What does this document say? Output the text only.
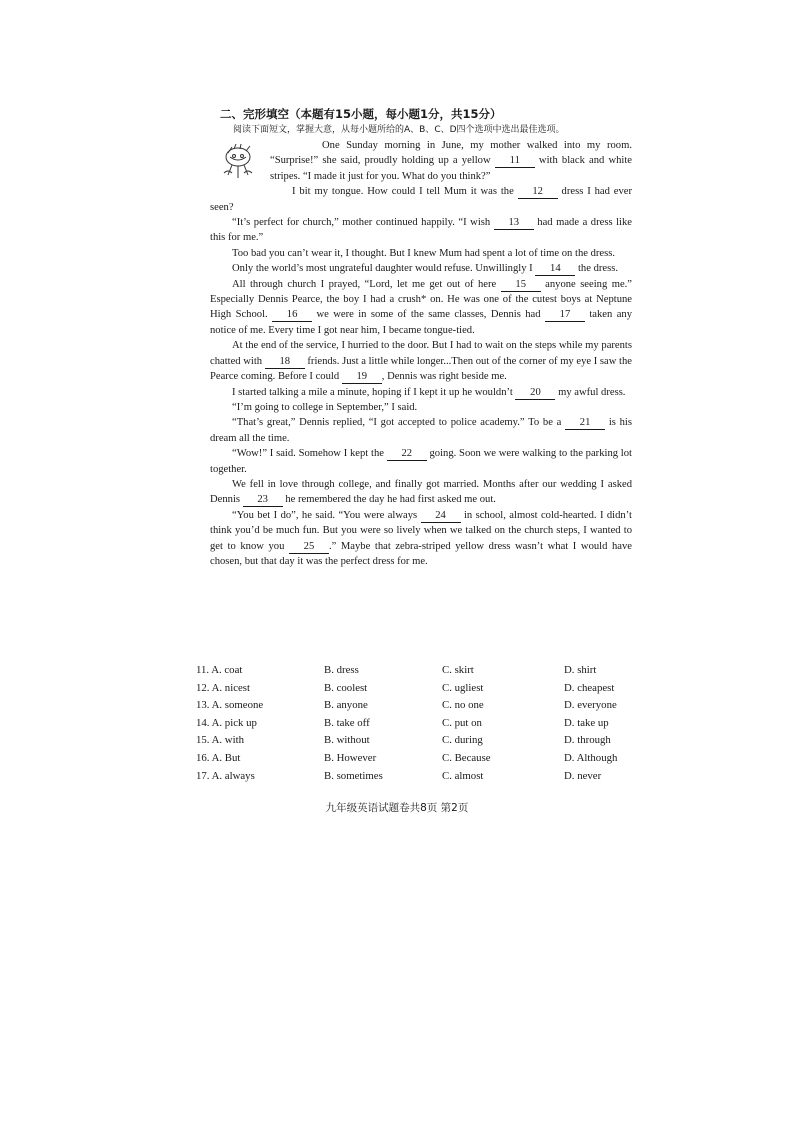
二、完形填空（本题有15小题，每小题1分，共15分）
阅读下面短文，掌握大意，从每小题所给的A、B、C、D四个选项中选出最佳选项。

One Sunday morning in June, my mother walked into my room. “Surprise!” she said, proudly holding up a yellow 11 with black and white stripes. “I made it just for you. What do you think?”

I bit my tongue. How could I tell Mum it was the 12 dress I had ever seen?

“It’s perfect for church,” mother continued happily. “I wish 13 had made a dress like this for me.”

Too bad you can’t wear it, I thought. But I knew Mum had spent a lot of time on the dress.

Only the world’s most ungrateful daughter would refuse. Unwillingly I 14 the dress.

All through church I prayed, “Lord, let me get out of here 15 anyone seeing me.” Especially Dennis Pearce, the boy I had a crush* on. He was one of the cutest boys at Neptune High School. 16 we were in some of the same classes, Dennis had 17 taken any notice of me. Every time I got near him, I became tongue-tied.

At the end of the service, I hurried to the door. But I had to wait on the steps while my parents chatted with 18 friends. Just a little while longer...Then out of the corner of my eye I saw the Pearce coming. Before I could 19 , Dennis was right beside me.

I started talking a mile a minute, hoping if I kept it up he wouldn’t 20 my awful dress.

“I’m going to college in September,” I said.

“That’s great,” Dennis replied, “I got accepted to police academy.” To be a 21 is his dream all the time.

“Wow!” I said. Somehow I kept the 22 going. Soon we were walking to the parking lot together.

We fell in love through college, and finally got married. Months after our wedding I asked Dennis 23 he remembered the day he had first asked me out.

“You bet I do”, he said. “You were always 24 in school, almost cold-hearted. I didn’t think you’d be much fun. But you were so lively when we talked on the church steps, I wanted to get to know you 25 .” Maybe that zebra-striped yellow dress wasn’t what I would have chosen, but that day it was the perfect dress for me.

11. A. coat	B. dress	C. skirt	D. shirt
12. A. nicest	B. coolest	C. ugliest	D. cheapest
13. A. someone	B. anyone	C. no one	D. everyone
14. A. pick up	B. take off	C. put on	D. take up
15. A. with	B. without	C. during	D. through
16. A. But	B. However	C. Because	D. Although
17. A. always	B. sometimes	C. almost	D. never
九年级英语试题卷共8页 第2页
